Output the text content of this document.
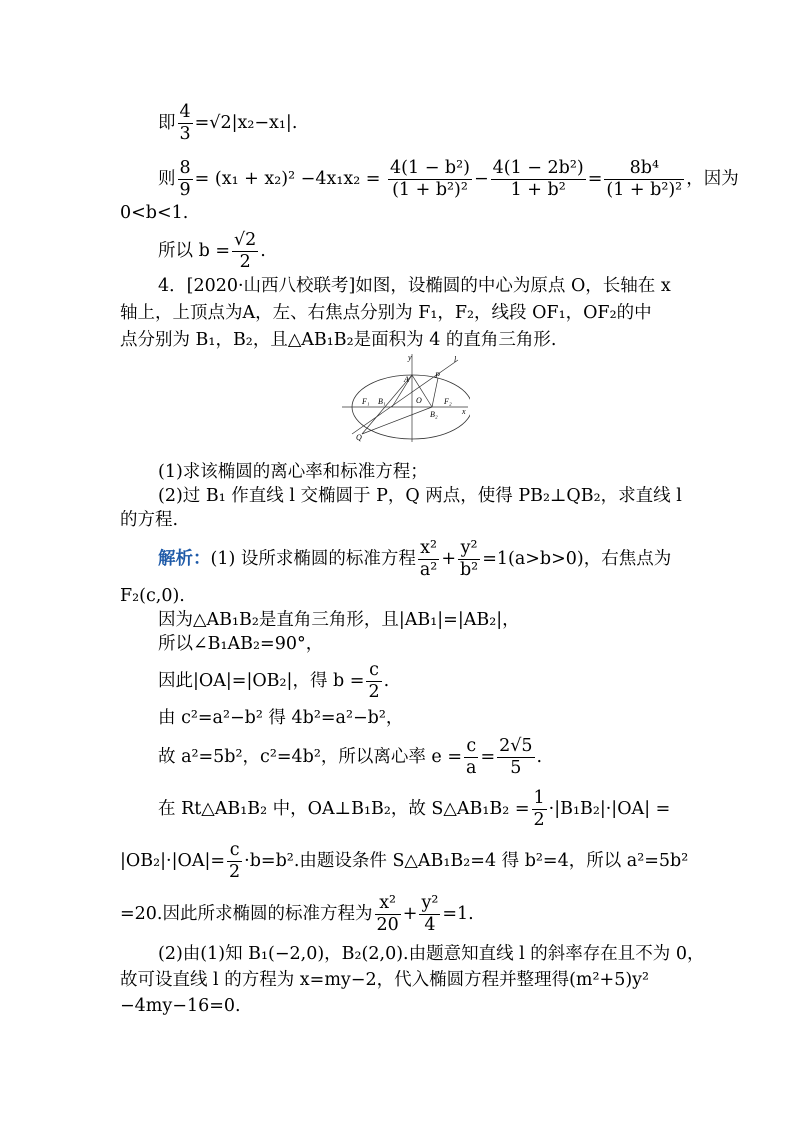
即 $\frac{4}{3} =√2|x_2-x_1|$.
则 $\frac{8}{9} = (x_1 + x_2)^2 -4x_1x_2 = \frac{\text{4(1 − b²)}}{\text{(1 + b²)²}} - \frac{\text{4(1 − 2b²)}}{\text{1 + b²}} = \frac{\text{8b⁴}}{\text{(1 + b²)²}}$ ，因为
0<b<1.
所以 $b = \frac{√2}{2}$ .
4．[2020·山西八校联考]如图，设椭圆的中心为原点 O，长轴在 x
轴上，上顶点为A，左、右焦点分别为 F₁，F₂，线段 OF₁，OF₂的中
点分别为 B₁，B₂，且△AB₁B₂是面积为 4 的直角三角形.
y	l
A	P
O
F₁ B₁	F₂
B₂
Q
x
(1)求该椭圆的离心率和标准方程；
(2)过 B₁ 作直线 l 交椭圆于 P，Q 两点，使得 PB₂⊥QB₂，求直线 l
的方程.
解析：(1) 设所求椭圆的标准方程 $\frac{\text{x²}}{\text{a²}} + \frac{\text{y²}}{\text{b²}} =1(a>b>0)$，右焦点为
F₂(c,0).
因为△AB₁B₂是直角三角形，且|AB₁|=|AB₂|，
所以∠B₁AB₂=90°，
因此|OA|=|OB₂|，得 $b = \frac{c}{2}$ .
由 c²=a²−b² 得 4b²=a²−b²，
故 a²=5b²，c²=4b²，所以离心率 $e = \frac{c}{a} = \frac{2√5}{5}$ .
在 Rt△AB₁B₂ 中，OA⊥B₁B₂，故 S△AB₁B₂ = $\frac{1}{2} \cdot|B_1B_2|\cdot|OA|$ =
$|OB_2|\cdot|OA|= \frac{c}{2} \cdot b=b^2$.由题设条件 S△AB₁B₂=4 得 b²=4，所以 a²=5b²
=20.因此所求椭圆的标准方程为 $\frac{\text{x²}}{20} + \frac{\text{y²}}{4} =1$.
(2)由(1)知 B₁(−2,0)，B₂(2,0).由题意知直线 l 的斜率存在且不为 0，
故可设直线 l 的方程为 x=my−2，代入椭圆方程并整理得(m²+5)y²
−4my−16=0.
